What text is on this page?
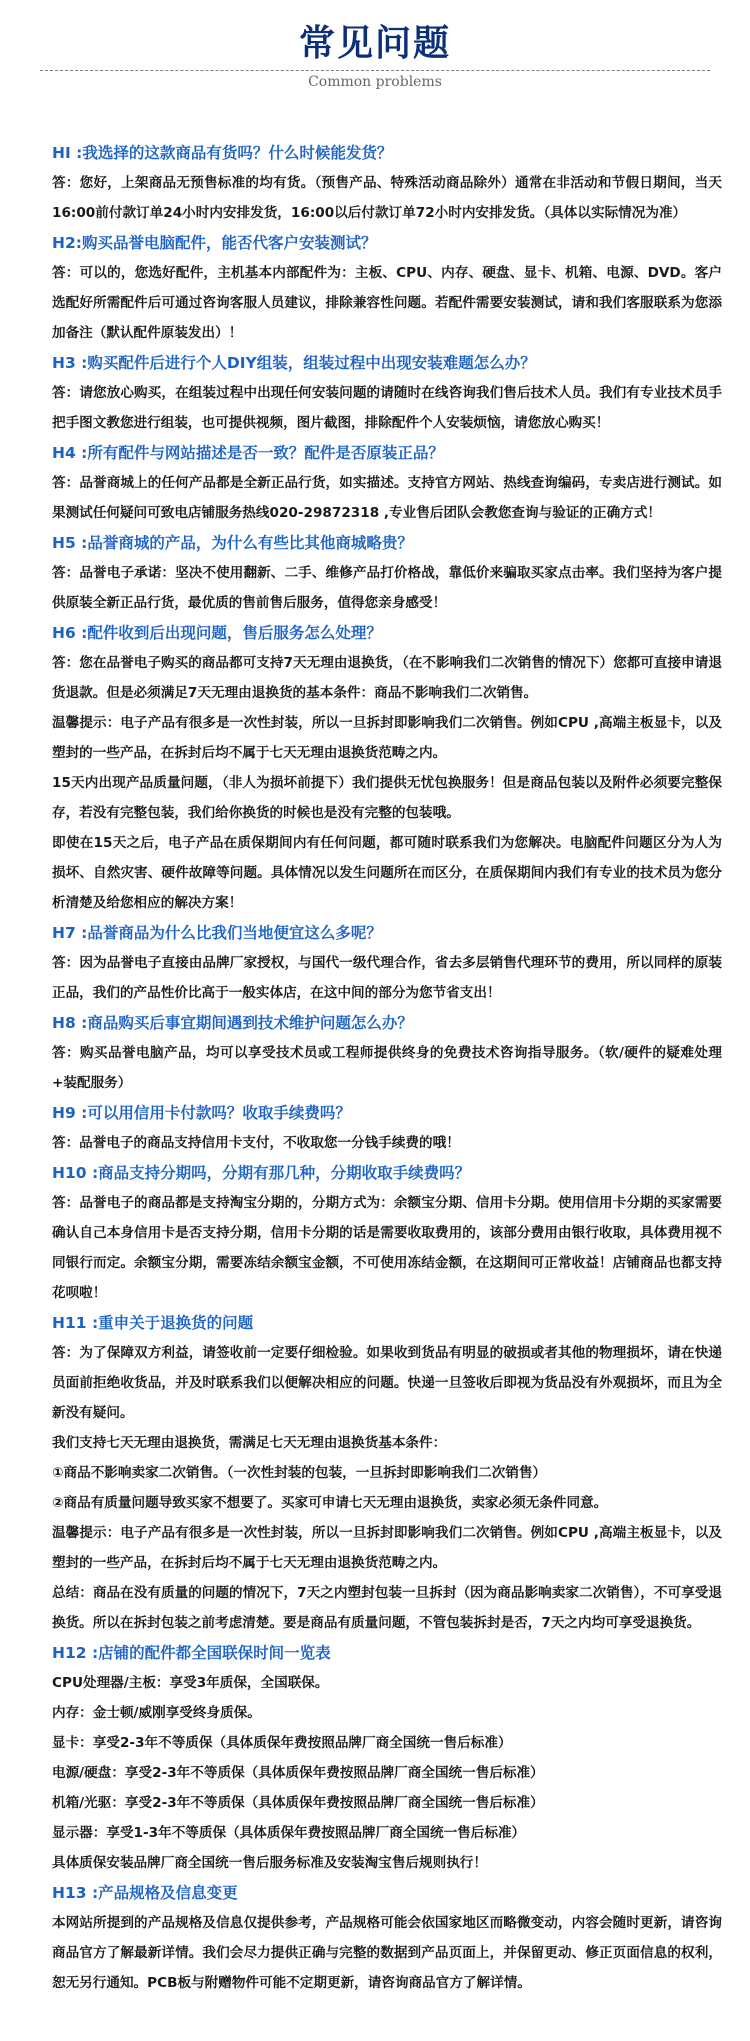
常见问题
Common problems
HI :我选择的这款商品有货吗？什么时候能发货？
答：您好，上架商品无预售标准的均有货。（预售产品、特殊活动商品除外）通常在非活动和节假日期间，当天16:00前付款订单24小时内安排发货，16:00以后付款订单72小时内安排发货。（具体以实际情况为准）
H2:购买品誉电脑配件，能否代客户安装测试？
答：可以的，您选好配件，主机基本内部配件为：主板、CPU、内存、硬盘、显卡、机箱、电源、DVD。客户选配好所需配件后可通过咨询客服人员建议，排除兼容性问题。若配件需要安装测试，请和我们客服联系为您添加备注（默认配件原装发出）！
H3 :购买配件后进行个人DIY组装，组装过程中出现安装难题怎么办？
答：请您放心购买，在组装过程中出现任何安装问题的请随时在线咨询我们售后技术人员。我们有专业技术员手把手图文教您进行组装，也可提供视频，图片截图，排除配件个人安装烦恼，请您放心购买！
H4 :所有配件与网站描述是否一致？配件是否原装正品？
答：品誉商城上的任何产品都是全新正品行货，如实描述。支持官方网站、热线查询编码，专卖店进行测试。如果测试任何疑问可致电店铺服务热线020-29872318 ,专业售后团队会教您查询与验证的正确方式！
H5 :品誉商城的产品，为什么有些比其他商城略贵？
答：品誉电子承诺：坚决不使用翻新、二手、维修产品打价格战，靠低价来骗取买家点击率。我们坚持为客户提供原装全新正品行货，最优质的售前售后服务，值得您亲身感受！
H6 :配件收到后出现问题，售后服务怎么处理？
答：您在品誉电子购买的商品都可支持7天无理由退换货，（在不影响我们二次销售的情况下）您都可直接申请退货退款。但是必须满足7天无理由退换货的基本条件：商品不影响我们二次销售。
温馨提示：电子产品有很多是一次性封装，所以一旦拆封即影响我们二次销售。例如CPU ,高端主板显卡，以及塑封的一些产品，在拆封后均不属于七天无理由退换货范畴之内。
15天内出现产品质量问题，（非人为损坏前提下）我们提供无忧包换服务！但是商品包装以及附件必须要完整保存，若没有完整包装，我们给你换货的时候也是没有完整的包装哦。
即使在15天之后，电子产品在质保期间内有任何问题，都可随时联系我们为您解决。电脑配件问题区分为人为损坏、自然灾害、硬件故障等问题。具体情况以发生问题所在而区分，在质保期间内我们有专业的技术员为您分析清楚及给您相应的解决方案！
H7 :品誉商品为什么比我们当地便宜这么多呢？
答：因为品誉电子直接由品牌厂家授权，与国代一级代理合作，省去多层销售代理环节的费用，所以同样的原装正品，我们的产品性价比高于一般实体店，在这中间的部分为您节省支出！
H8 :商品购买后事宜期间遇到技术维护问题怎么办？
答：购买品誉电脑产品，均可以享受技术员或工程师提供终身的免费技术咨询指导服务。（软/硬件的疑难处理+装配服务）
H9 :可以用信用卡付款吗？收取手续费吗？
答：品誉电子的商品支持信用卡支付，不收取您一分钱手续费的哦！
H10 :商品支持分期吗，分期有那几种，分期收取手续费吗？
答：品誉电子的商品都是支持淘宝分期的，分期方式为：余额宝分期、信用卡分期。使用信用卡分期的买家需要确认自己本身信用卡是否支持分期，信用卡分期的话是需要收取费用的，该部分费用由银行收取，具体费用视不同银行而定。余额宝分期，需要冻结余额宝金额，不可使用冻结金额，在这期间可正常收益！店铺商品也都支持花呗啦！
H11 :重申关于退换货的问题
答：为了保障双方利益，请签收前一定要仔细检验。如果收到货品有明显的破损或者其他的物理损坏，请在快递员面前拒绝收货品，并及时联系我们以便解决相应的问题。快递一旦签收后即视为货品没有外观损坏，而且为全新没有疑问。
我们支持七天无理由退换货，需满足七天无理由退换货基本条件：
①商品不影响卖家二次销售。（一次性封装的包装，一旦拆封即影响我们二次销售）
②商品有质量问题导致买家不想要了。买家可申请七天无理由退换货，卖家必须无条件同意。
温馨提示：电子产品有很多是一次性封装，所以一旦拆封即影响我们二次销售。例如CPU ,高端主板显卡，以及塑封的一些产品，在拆封后均不属于七天无理由退换货范畴之内。
总结：商品在没有质量的问题的情况下，7天之内塑封包装一旦拆封（因为商品影响卖家二次销售），不可享受退换货。所以在拆封包装之前考虑清楚。要是商品有质量问题，不管包装拆封是否，7天之内均可享受退换货。
H12 :店铺的配件都全国联保时间一览表
CPU处理器/主板：享受3年质保，全国联保。
内存：金士顿/威刚享受终身质保。
显卡：享受2-3年不等质保（具体质保年费按照品牌厂商全国统一售后标准）
电源/硬盘：享受2-3年不等质保（具体质保年费按照品牌厂商全国统一售后标准）
机箱/光驱：享受2-3年不等质保（具体质保年费按照品牌厂商全国统一售后标准）
显示器：享受1-3年不等质保（具体质保年费按照品牌厂商全国统一售后标准）
具体质保安装品牌厂商全国统一售后服务标准及安装淘宝售后规则执行！
H13 :产品规格及信息变更
本网站所提到的产品规格及信息仅提供参考，产品规格可能会依国家地区而略微变动，内容会随时更新，请咨询商品官方了解最新详情。我们会尽力提供正确与完整的数据到产品页面上，并保留更动、修正页面信息的权利，恕无另行通知。PCB板与附赠物件可能不定期更新，请咨询商品官方了解详情。
